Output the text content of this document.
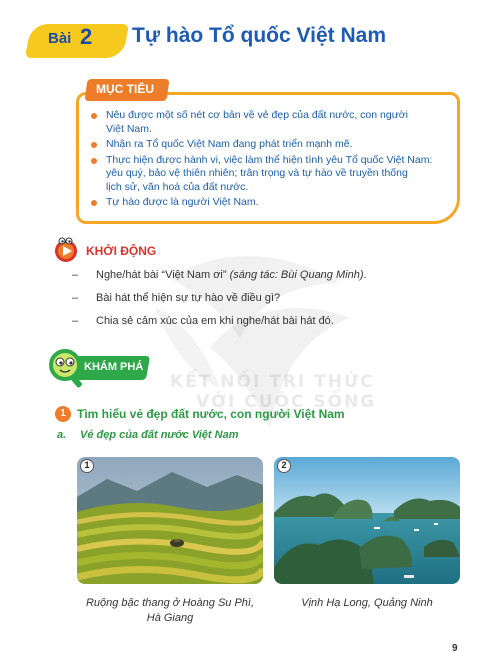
KẾT NỐI TRI THỨC
VỚI CUỘC SỐNG
Bài 2 Tự hào Tổ quốc Việt Nam
MỤC TIÊU
Nêu được một số nét cơ bản về vẻ đẹp của đất nước, con người
Việt Nam.
Nhận ra Tổ quốc Việt Nam đang phát triển mạnh mẽ.
Thực hiện được hành vi, việc làm thể hiện tình yêu Tổ quốc Việt Nam:
yêu quý, bảo vệ thiên nhiên; trân trọng và tự hào về truyền thống
lịch sử, văn hoá của đất nước.
Tự hào được là người Việt Nam.
KHỞI ĐỘNG
– Nghe/hát bài “Việt Nam ơi” (sáng tác: Bùi Quang Minh).
– Bài hát thể hiện sự tự hào về điều gì?
– Chia sẻ cảm xúc của em khi nghe/hát bài hát đó.
KHÁM PHÁ
1 Tìm hiểu vẻ đẹp đất nước, con người Việt Nam
a. Vẻ đẹp của đất nước Việt Nam
1	2
Ruộng bậc thang ở Hoàng Su Phì,
Hà Giang
Vịnh Hạ Long, Quảng Ninh
9
